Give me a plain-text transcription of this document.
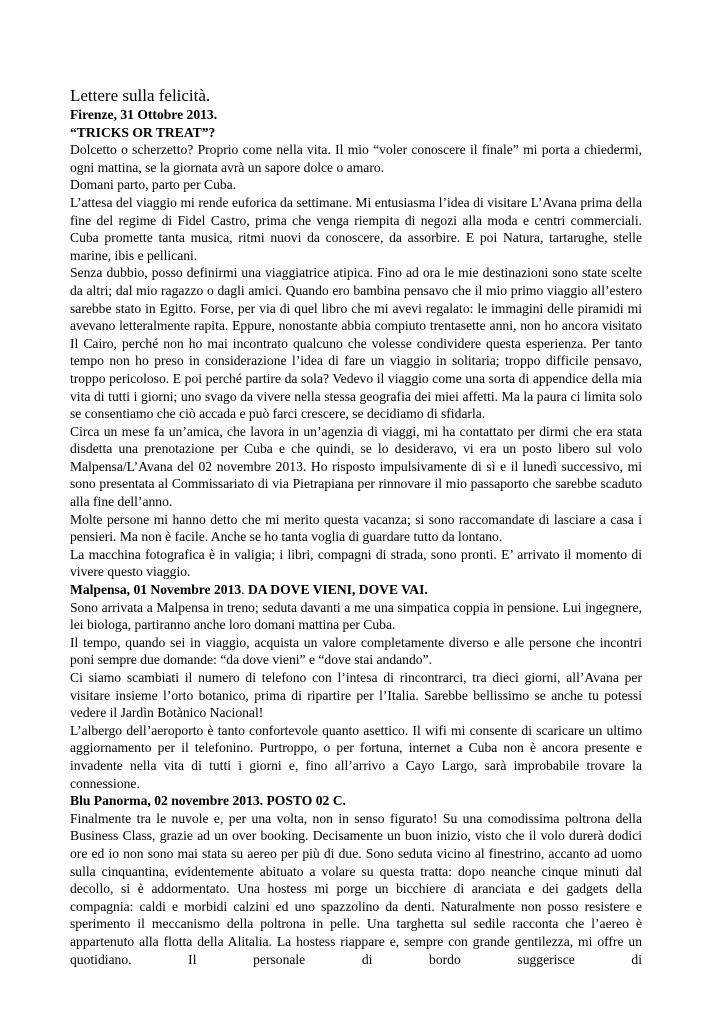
Lettere sulla felicità.

Firenze, 31 Ottobre 2013.

“TRICKS OR TREAT”?

Dolcetto o scherzetto? Proprio come nella vita. Il mio “voler conoscere il finale” mi porta a chiedermi, ogni mattina, se la giornata avrà un sapore dolce o amaro.

Domani parto, parto per Cuba.

L’attesa del viaggio mi rende euforica da settimane. Mi entusiasma l’idea di visitare L’Avana prima della fine del regime di Fidel Castro, prima che venga riempita di negozi alla moda e centri commerciali. Cuba promette tanta musica, ritmi nuovi da conoscere, da assorbire. E poi Natura, tartarughe, stelle marine, ibis e pellicani.

Senza dubbio, posso definirmi una viaggiatrice atipica. Fino ad ora le mie destinazioni sono state scelte da altri; dal mio ragazzo o dagli amici. Quando ero bambina pensavo che il mio primo viaggio all’estero sarebbe stato in Egitto. Forse, per via di quel libro che mi avevi regalato: le immagini delle piramidi mi avevano letteralmente rapita. Eppure, nonostante abbia compiuto trentasette anni, non ho ancora visitato Il Cairo, perché non ho mai incontrato qualcuno che volesse condividere questa esperienza. Per tanto tempo non ho preso in considerazione l’idea di fare un viaggio in solitaria; troppo difficile pensavo, troppo pericoloso. E poi perché partire da sola? Vedevo il viaggio come una sorta di appendice della mia vita di tutti i giorni; uno svago da vivere nella stessa geografia dei miei affetti. Ma la paura ci limita solo se consentiamo che ciò accada e può farci crescere, se decidiamo di sfidarla.

Circa un mese fa un’amica, che lavora in un’agenzia di viaggi, mi ha contattato per dirmi che era stata disdetta una prenotazione per Cuba e che quindi, se lo desideravo, vi era un posto libero sul volo Malpensa/L’Avana del 02 novembre 2013. Ho risposto impulsivamente di sì e il lunedì successivo, mi sono presentata al Commissariato di via Pietrapiana per rinnovare il mio passaporto che sarebbe scaduto alla fine dell’anno.

Molte persone mi hanno detto che mi merito questa vacanza; si sono raccomandate di lasciare a casa i pensieri. Ma non è facile. Anche se ho tanta voglia di guardare tutto da lontano.

La macchina fotografica è in valigia; i libri, compagni di strada, sono pronti. E’ arrivato il momento di vivere questo viaggio.

Malpensa, 01 Novembre 2013. DA DOVE VIENI, DOVE VAI.

Sono arrivata a Malpensa in treno; seduta davanti a me una simpatica coppia in pensione. Lui ingegnere, lei biologa, partiranno anche loro domani mattina per Cuba.

Il tempo, quando sei in viaggio, acquista un valore completamente diverso e alle persone che incontri poni sempre due domande: “da dove vieni” e “dove stai andando”.

Ci siamo scambiati il numero di telefono con l’intesa di rincontrarci, tra dieci giorni, all’Avana per visitare insieme l’orto botanico, prima di ripartire per l’Italia. Sarebbe bellissimo se anche tu potessi vedere il Jardìn Botànico Nacional!

L’albergo dell’aeroporto è tanto confortevole quanto asettico. Il wifi mi consente di scaricare un ultimo aggiornamento per il telefonino. Purtroppo, o per fortuna, internet a Cuba non è ancora presente e invadente nella vita di tutti i giorni e, fino all’arrivo a Cayo Largo, sarà improbabile trovare la connessione.

Blu Panorma, 02 novembre 2013. POSTO 02 C.

Finalmente tra le nuvole e, per una volta, non in senso figurato! Su una comodissima poltrona della Business Class, grazie ad un over booking. Decisamente un buon inizio, visto che il volo durerà dodici ore ed io non sono mai stata su aereo per più di due. Sono seduta vicino al finestrino, accanto ad uomo sulla cinquantina, evidentemente abituato a volare su questa tratta: dopo neanche cinque minuti dal decollo, si è addormentato. Una hostess mi porge un bicchiere di aranciata e dei gadgets della compagnia: caldi e morbidi calzini ed uno spazzolino da denti. Naturalmente non posso resistere e sperimento il meccanismo della poltrona in pelle. Una targhetta sul sedile racconta che l’aereo è appartenuto alla flotta della Alitalia. La hostess riappare e, sempre con grande gentilezza, mi offre un quotidiano. Il personale di bordo suggerisce di
